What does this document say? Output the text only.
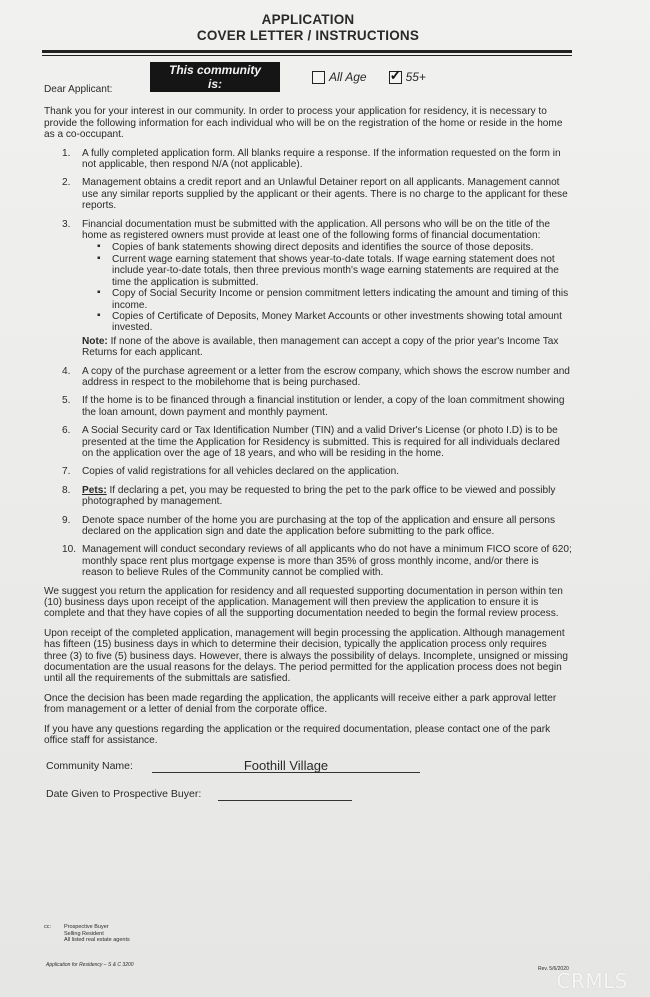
APPLICATION
COVER LETTER / INSTRUCTIONS
This community is:	All Age
✓	55+

Dear Applicant:

Thank you for your interest in our community. In order to process your application for residency, it is necessary to provide the following information for each individual who will be on the registration of the home or reside in the home as a co-occupant.

1.	A fully completed application form. All blanks require a response. If the information requested on the form in not applicable, then respond N/A (not applicable).
2.	Management obtains a credit report and an Unlawful Detainer report on all applicants. Management cannot use any similar reports supplied by the applicant or their agents. There is no charge to the applicant for these reports.
3.	Financial documentation must be submitted with the application. All persons who will be on the title of the home as registered owners must provide at least one of the following forms of financial documentation:
▪ Copies of bank statements showing direct deposits and identifies the source of those deposits.
▪ Current wage earning statement that shows year-to-date totals. If wage earning statement does not include year-to-date totals, then three previous month's wage earning statements are required at the time the application is submitted.
▪ Copy of Social Security Income or pension commitment letters indicating the amount and timing of this income.
▪ Copies of Certificate of Deposits, Money Market Accounts or other investments showing total amount invested.
Note: If none of the above is available, then management can accept a copy of the prior year's Income Tax Returns for each applicant.
4.	A copy of the purchase agreement or a letter from the escrow company, which shows the escrow number and address in respect to the mobilehome that is being purchased.
5.	If the home is to be financed through a financial institution or lender, a copy of the loan commitment showing the loan amount, down payment and monthly payment.
6.	A Social Security card or Tax Identification Number (TIN) and a valid Driver's License (or photo I.D) is to be presented at the time the Application for Residency is submitted. This is required for all individuals declared on the application over the age of 18 years, and who will be residing in the home.
7.	Copies of valid registrations for all vehicles declared on the application.
8.	Pets: If declaring a pet, you may be requested to bring the pet to the park office to be viewed and possibly photographed by management.
9.	Denote space number of the home you are purchasing at the top of the application and ensure all persons declared on the application sign and date the application before submitting to the park office.
10. Management will conduct secondary reviews of all applicants who do not have a minimum FICO score of 620; monthly space rent plus mortgage expense is more than 35% of gross monthly income, and/or there is reason to believe Rules of the Community cannot be complied with.

We suggest you return the application for residency and all requested supporting documentation in person within ten (10) business days upon receipt of the application. Management will then preview the application to ensure it is complete and that they have copies of all the supporting documentation needed to begin the formal review process.

Upon receipt of the completed application, management will begin processing the application. Although management has fifteen (15) business days in which to determine their decision, typically the application process only requires three (3) to five (5) business days. However, there is always the possibility of delays. Incomplete, unsigned or missing documentation are the usual reasons for the delays. The period permitted for the application process does not begin until all the requirements of the submittals are satisfied.

Once the decision has been made regarding the application, the applicants will receive either a park approval letter from management or a letter of denial from the corporate office.

If you have any questions regarding the application or the required documentation, please contact one of the park office staff for assistance.

Community Name:	Foothill Village
Date Given to Prospective Buyer:
cc:	Prospective Buyer
Selling Resident
All listed real estate agents
Application for Residency – S & C 3200
Rev. 5/6/2020
CRMLS
